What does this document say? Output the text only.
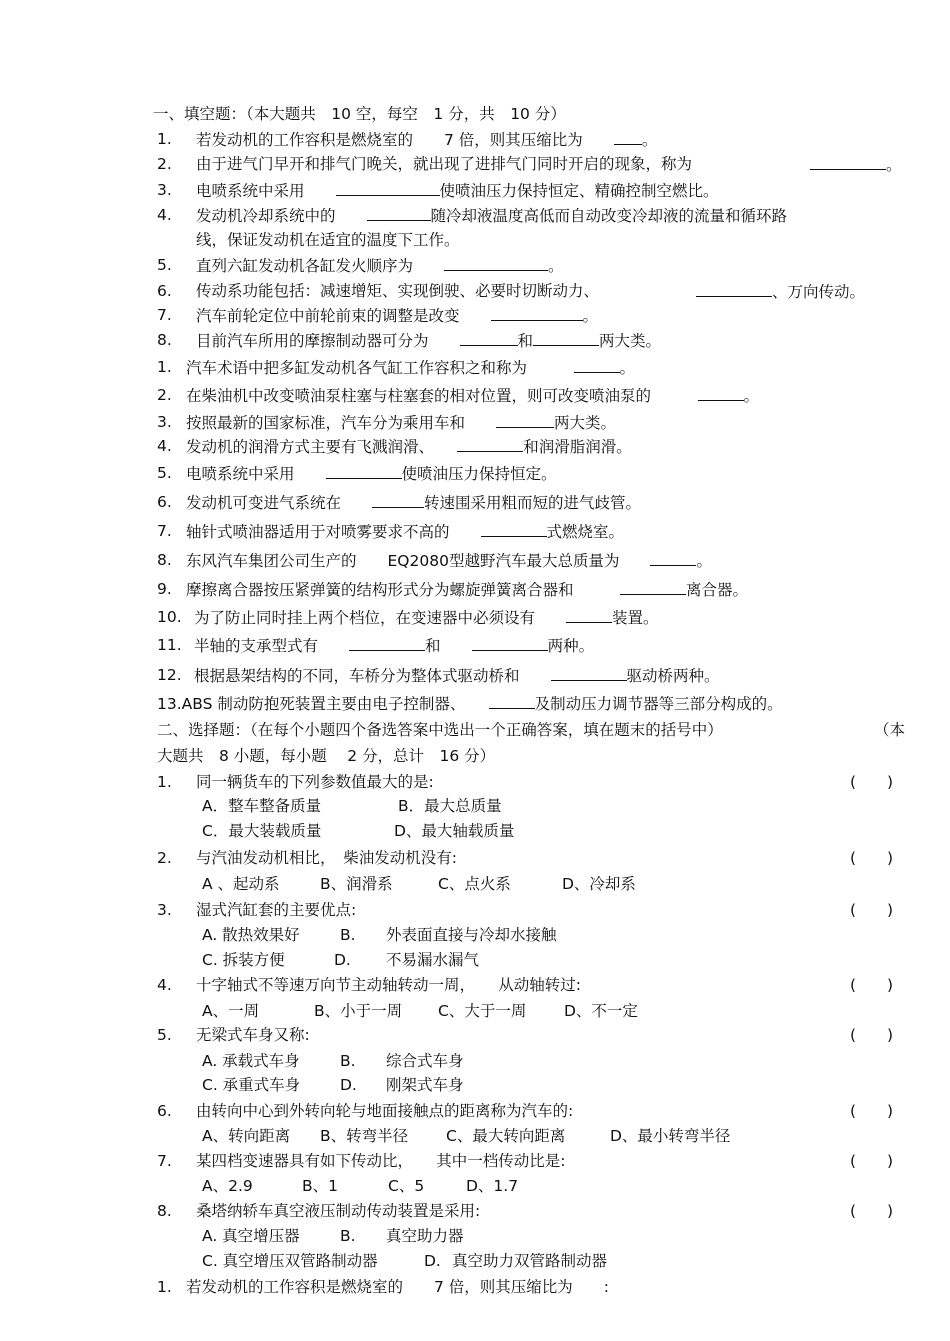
一、填空题：（本大题共　10 空，每空　1 分，共　10 分）
1. 若发动机的工作容积是燃烧室的　　7 倍，则其压缩比为　　	。
2. 由于进气门早开和排气门晚关，就出现了进排气门同时开启的现象，称为	。
3. 电喷系统中采用　　	使喷油压力保持恒定、精确控制空燃比。
4. 发动机冷却系统中的　　	随冷却液温度高低而自动改变冷却液的流量和循环路
线，保证发动机在适宜的温度下工作。
5. 直列六缸发动机各缸发火顺序为　　	。
6. 传动系功能包括：减速增矩、实现倒驶、必要时切断动力、	、万向传动。
7. 汽车前轮定位中前轮前束的调整是改变　　	。
8. 目前汽车所用的摩擦制动器可分为　　	和	两大类。
1. 汽车术语中把多缸发动机各气缸工作容积之和称为　　　	。
2. 在柴油机中改变喷油泵柱塞与柱塞套的相对位置，则可改变喷油泵的　　　	。
3. 按照最新的国家标准，汽车分为乘用车和　　	两大类。
4. 发动机的润滑方式主要有飞溅润滑、　　	和润滑脂润滑。
5. 电喷系统中采用　　	使喷油压力保持恒定。
6. 发动机可变进气系统在　　	转速围采用粗而短的进气歧管。
7. 轴针式喷油器适用于对喷雾要求不高的　　	式燃烧室。
8. 东风汽车集团公司生产的　　EQ2080型越野汽车最大总质量为　　	。
9. 摩擦离合器按压紧弹簧的结构形式分为螺旋弹簧离合器和　　　	离合器。
10. 为了防止同时挂上两个档位，在变速器中必须设有　　	装置。
11. 半轴的支承型式有　　	和　　	两种。
12. 根据悬架结构的不同，车桥分为整体式驱动桥和　　	驱动桥两种。
13.ABS 制动防抱死装置主要由电子控制器、　　	及制动压力调节器等三部分构成的。
二、选择题：（在每个小题四个备选答案中选出一个正确答案，填在题末的括号中）	（本
大题共　8 小题，每小题　 2 分，总计　16 分）
1. 同一辆货车的下列参数值最大的是:	(　　)
A．整车整备质量	B．最大总质量
C．最大装载质量	D、最大轴载质量
2. 与汽油发动机相比，　柴油发动机没有:	(　　)
A 、起动系	B、润滑系	C、点火系	D、冷却系
3. 湿式汽缸套的主要优点:	(　　)
A. 散热效果好	B. 外表面直接与冷却水接触
C. 拆装方便	D. 不易漏水漏气
4. 十字轴式不等速万向节主动轴转动一周，　　从动轴转过:	(　　)
A、一周	B、小于一周 C、大于一周 D、不一定
5. 无梁式车身又称:	(　　)
A. 承载式车身	B. 综合式车身
C. 承重式车身	D. 刚架式车身
6. 由转向中心到外转向轮与地面接触点的距离称为汽车的:	(　　)
A、转向距离 B、转弯半径 C、最大转向距离	D、最小转弯半径
7. 某四档变速器具有如下传动比，　　其中一档传动比是:	(　　)
A、2.9	B、1	C、5	D、1.7
8. 桑塔纳轿车真空液压制动传动装置是采用:	(　　)
A. 真空增压器	B. 真空助力器
C. 真空增压双管路制动器	D. 真空助力双管路制动器
1. 若发动机的工作容积是燃烧室的　　7 倍，则其压缩比为　　:
